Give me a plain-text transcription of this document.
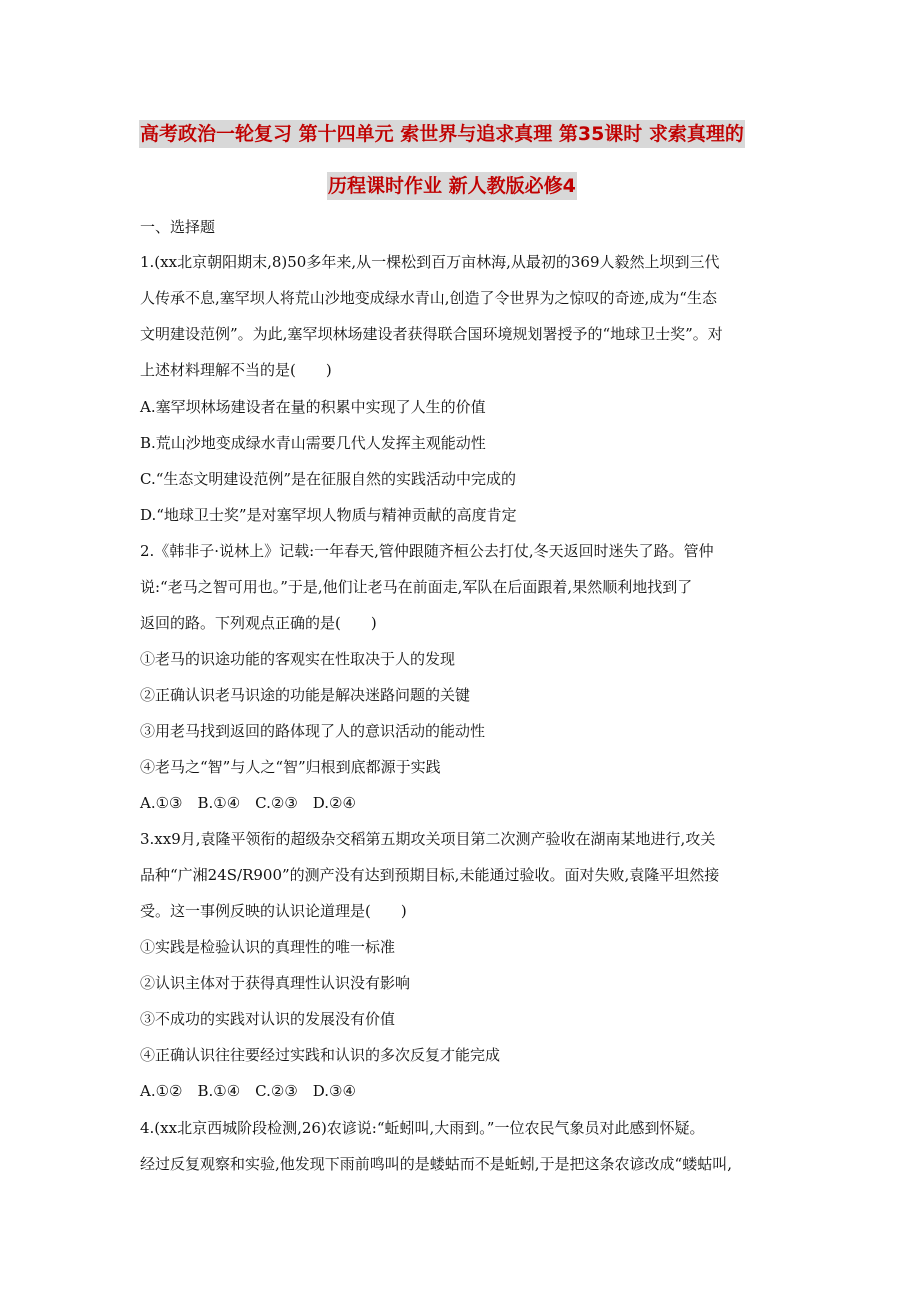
高考政治一轮复习 第十四单元 索世界与追求真理 第35课时 求索真理的
历程课时作业 新人教版必修4
一、选择题
1.(xx北京朝阳期末,8)50多年来,从一棵松到百万亩林海,从最初的369人毅然上坝到三代
人传承不息,塞罕坝人将荒山沙地变成绿水青山,创造了令世界为之惊叹的奇迹,成为“生态
文明建设范例”。为此,塞罕坝林场建设者获得联合国环境规划署授予的“地球卫士奖”。对
上述材料理解不当的是(　　)
A.塞罕坝林场建设者在量的积累中实现了人生的价值
B.荒山沙地变成绿水青山需要几代人发挥主观能动性
C.“生态文明建设范例”是在征服自然的实践活动中完成的
D.“地球卫士奖”是对塞罕坝人物质与精神贡献的高度肯定
2.《韩非子·说林上》记载:一年春天,管仲跟随齐桓公去打仗,冬天返回时迷失了路。管仲
说:“老马之智可用也。”于是,他们让老马在前面走,军队在后面跟着,果然顺利地找到了
返回的路。下列观点正确的是(　　)
①老马的识途功能的客观实在性取决于人的发现
②正确认识老马识途的功能是解决迷路问题的关键
③用老马找到返回的路体现了人的意识活动的能动性
④老马之“智”与人之“智”归根到底都源于实践
A.①③　B.①④　C.②③　D.②④
3.xx9月,袁隆平领衔的超级杂交稻第五期攻关项目第二次测产验收在湖南某地进行,攻关
品种“广湘24S/R900”的测产没有达到预期目标,未能通过验收。面对失败,袁隆平坦然接
受。这一事例反映的认识论道理是(　　)
①实践是检验认识的真理性的唯一标准
②认识主体对于获得真理性认识没有影响
③不成功的实践对认识的发展没有价值
④正确认识往往要经过实践和认识的多次反复才能完成
A.①②　B.①④　C.②③　D.③④
4.(xx北京西城阶段检测,26)农谚说:“蚯蚓叫,大雨到。”一位农民气象员对此感到怀疑。
经过反复观察和实验,他发现下雨前鸣叫的是蝼蛄而不是蚯蚓,于是把这条农谚改成“蝼蛄叫,
